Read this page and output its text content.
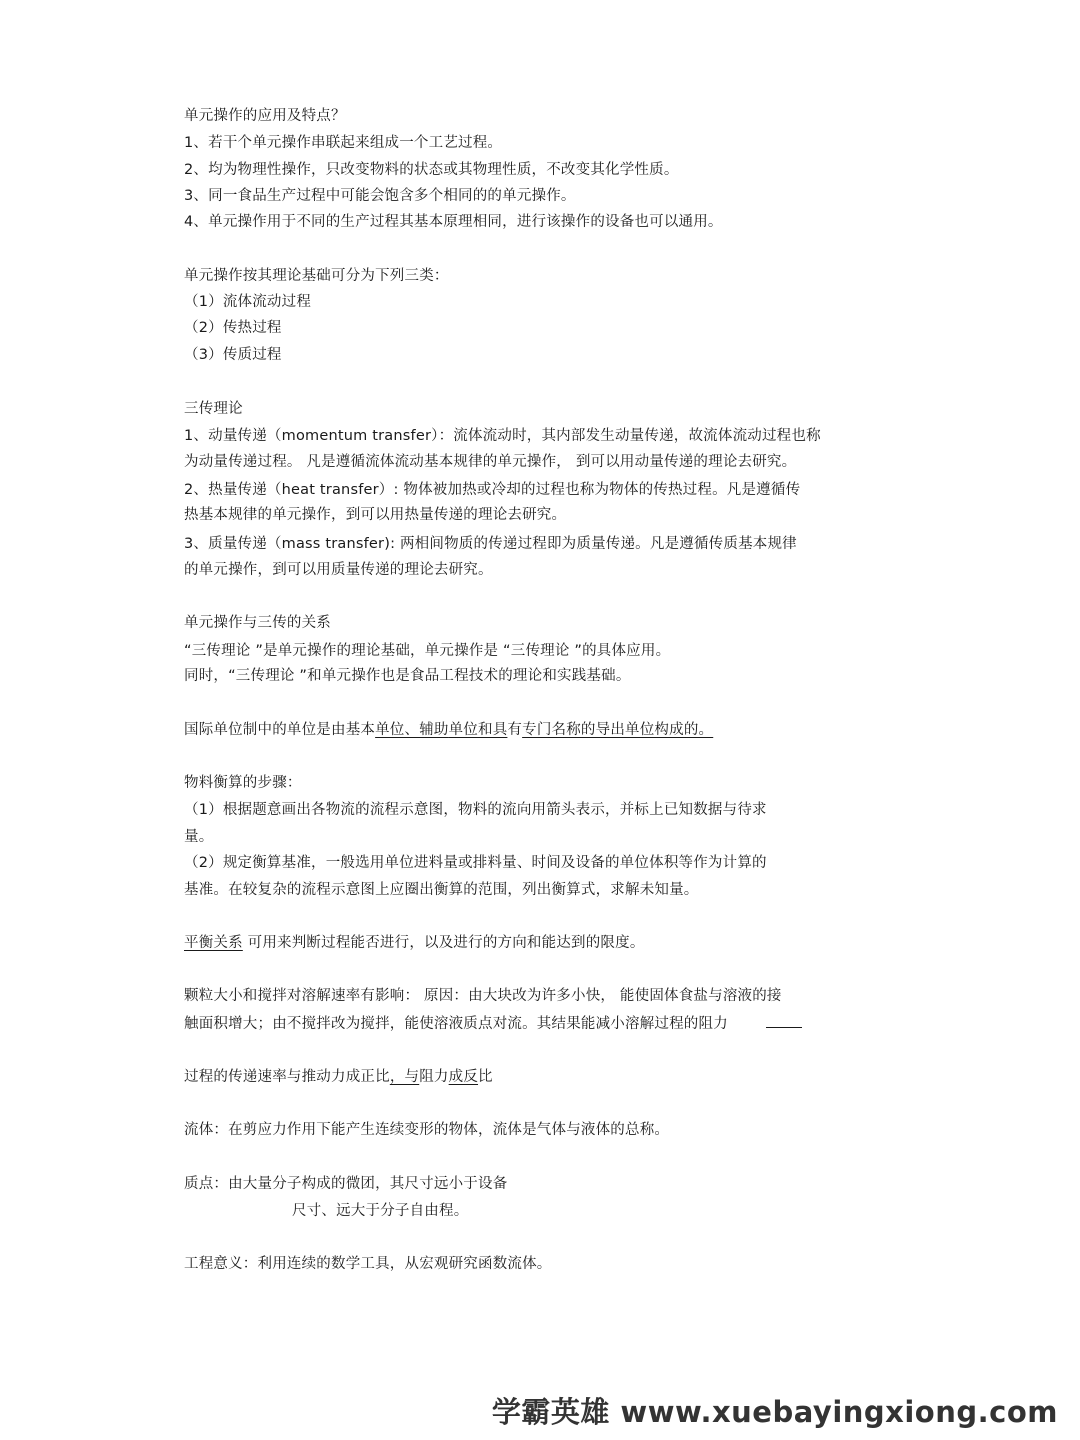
单元操作的应用及特点？
1、若干个单元操作串联起来组成一个工艺过程。
2、均为物理性操作，只改变物料的状态或其物理性质，不改变其化学性质。
3、同一食品生产过程中可能会饱含多个相同的的单元操作。
4、单元操作用于不同的生产过程其基本原理相同，进行该操作的设备也可以通用。
单元操作按其理论基础可分为下列三类：
（1）流体流动过程
（2）传热过程
（3）传质过程
三传理论
1、动量传递（momentum transfer）：流体流动时，其内部发生动量传递，故流体流动过程也称
为动量传递过程。 凡是遵循流体流动基本规律的单元操作， 到可以用动量传递的理论去研究。
2、热量传递（heat transfer）: 物体被加热或冷却的过程也称为物体的传热过程。凡是遵循传
热基本规律的单元操作，到可以用热量传递的理论去研究。
3、质量传递（mass transfer): 两相间物质的传递过程即为质量传递。凡是遵循传质基本规律
的单元操作，到可以用质量传递的理论去研究。
单元操作与三传的关系
“三传理论 ”是单元操作的理论基础，单元操作是 “三传理论 ”的具体应用。
同时，“三传理论 ”和单元操作也是食品工程技术的理论和实践基础。
国际单位制中的单位是由基本单位、辅助单位和具有专门名称的导出单位构成的。
物料衡算的步骤：
（1）根据题意画出各物流的流程示意图，物料的流向用箭头表示，并标上已知数据与待求
量。
（2）规定衡算基准，一般选用单位进料量或排料量、时间及设备的单位体积等作为计算的
基准。在较复杂的流程示意图上应圈出衡算的范围，列出衡算式，求解未知量。
平衡关系 可用来判断过程能否进行，以及进行的方向和能达到的限度。
颗粒大小和搅拌对溶解速率有影响： 原因：由大块改为许多小快， 能使固体食盐与溶液的接
触面积增大；由不搅拌改为搅拌，能使溶液质点对流。其结果能减小溶解过程的阻力
过程的传递速率与推动力成正比，与阻力成反比
流体：在剪应力作用下能产生连续变形的物体，流体是气体与液体的总称。
质点：由大量分子构成的微团，其尺寸远小于设备
尺寸、远大于分子自由程。
工程意义：利用连续的数学工具，从宏观研究函数流体。
学霸英雄 www.xuebayingxiong.com
